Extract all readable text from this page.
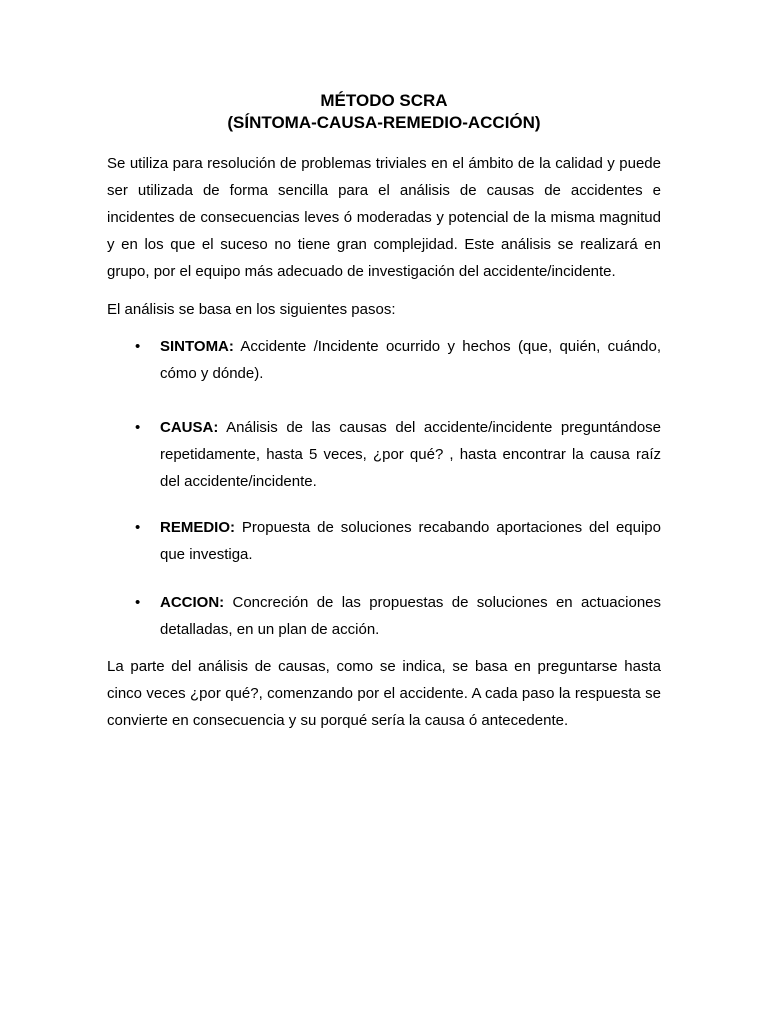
MÉTODO SCRA
(SÍNTOMA-CAUSA-REMEDIO-ACCIÓN)

Se utiliza para resolución de problemas triviales en el ámbito de la calidad y puede ser utilizada de forma sencilla para el análisis de causas de accidentes e incidentes de consecuencias leves ó moderadas y potencial de la misma magnitud y en los que el suceso no tiene gran complejidad. Este análisis se realizará en grupo, por el equipo más adecuado de investigación del accidente/incidente.

El análisis se basa en los siguientes pasos:

• SINTOMA: Accidente /Incidente ocurrido y hechos (que, quién, cuándo, cómo y dónde).
• CAUSA: Análisis de las causas del accidente/incidente preguntándose repetidamente, hasta 5 veces, ¿por qué? , hasta encontrar la causa raíz del accidente/incidente.
• REMEDIO: Propuesta de soluciones recabando aportaciones del equipo que investiga.
• ACCION: Concreción de las propuestas de soluciones en actuaciones detalladas, en un plan de acción.

La parte del análisis de causas, como se indica, se basa en preguntarse hasta cinco veces ¿por qué?, comenzando por el accidente. A cada paso la respuesta se convierte en consecuencia y su porqué sería la causa ó antecedente.
